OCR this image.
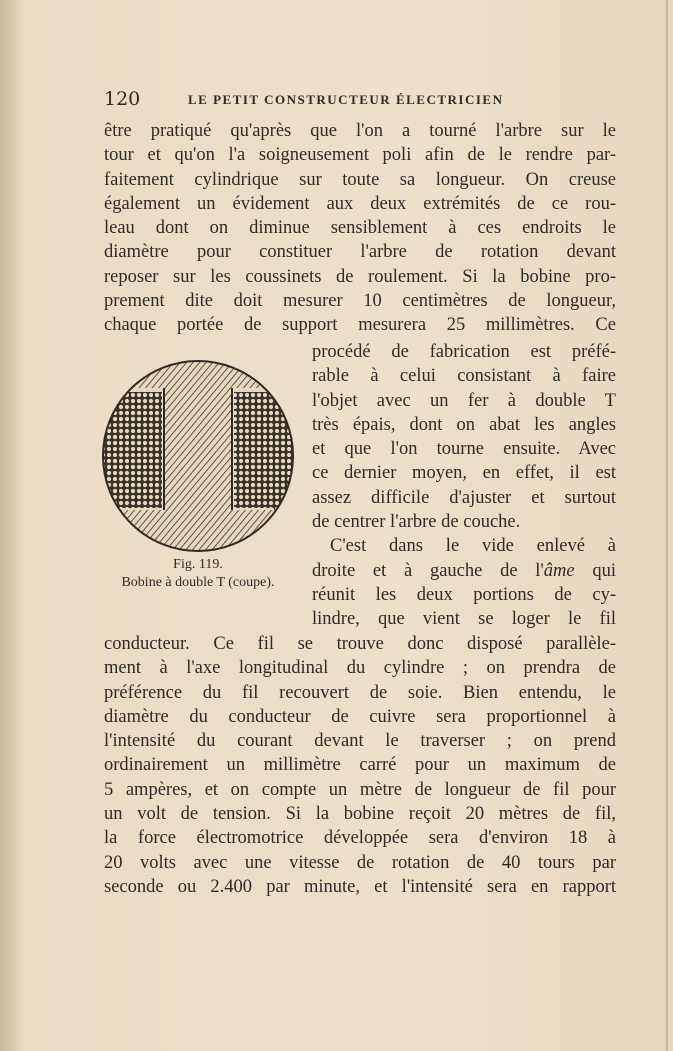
120	LE PETIT CONSTRUCTEUR ÉLECTRICIEN
être pratiqué qu'après que l'on a tourné l'arbre sur le
tour et qu'on l'a soigneusement poli afin de le rendre par-
faitement cylindrique sur toute sa longueur. On creuse
également un évidement aux deux extrémités de ce rou-
leau dont on diminue sensiblement à ces endroits le
diamètre pour constituer l'arbre de rotation devant
reposer sur les coussinets de roulement. Si la bobine pro-
prement dite doit mesurer 10 centimètres de longueur,
chaque portée de support mesurera 25 millimètres. Ce
procédé de fabrication est préfé-
rable à celui consistant à faire
l'objet avec un fer à double T
très épais, dont on abat les angles
et que l'on tourne ensuite. Avec
ce dernier moyen, en effet, il est
assez difficile d'ajuster et surtout
de centrer l'arbre de couche.
C'est dans le vide enlevé à
droite et à gauche de l'âme qui
réunit les deux portions de cy-
lindre, que vient se loger le fil
Fig. 119.
Bobine à double T (coupe).
conducteur. Ce fil se trouve donc disposé parallèle-
ment à l'axe longitudinal du cylindre ; on prendra de
préférence du fil recouvert de soie. Bien entendu, le
diamètre du conducteur de cuivre sera proportionnel à
l'intensité du courant devant le traverser ; on prend
ordinairement un millimètre carré pour un maximum de
5 ampères, et on compte un mètre de longueur de fil pour
un volt de tension. Si la bobine reçoit 20 mètres de fil,
la force électromotrice développée sera d'environ 18 à
20 volts avec une vitesse de rotation de 40 tours par
seconde ou 2.400 par minute, et l'intensité sera en rapport
